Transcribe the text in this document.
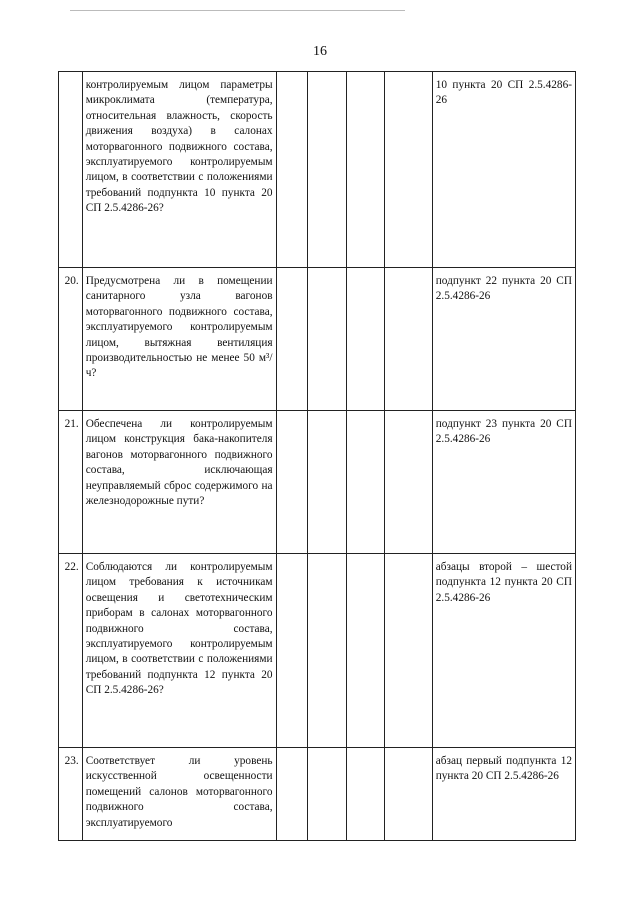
16
	контролируемым лицом параметры микроклимата (температура, относительная влажность, скорость движения воздуха) в салонах моторвагонного подвижного состава, эксплуатируемого контролируемым лицом, в соответствии с положениями требований подпункта 10 пункта 20 СП 2.5.4286-26?					10 пункта 20 СП 2.5.4286-26
20.	Предусмотрена ли в помещении санитарного узла вагонов моторвагонного подвижного состава, эксплуатируемого контролируемым лицом, вытяжная вентиляция производительностью не менее 50 м³/ч?					подпункт 22 пункта 20 СП 2.5.4286-26
21.	Обеспечена ли контролируемым лицом конструкция бака-накопителя вагонов моторвагонного подвижного состава, исключающая неуправляемый сброс содержимого на железнодорожные пути?					подпункт 23 пункта 20 СП 2.5.4286-26
22.	Соблюдаются ли контролируемым лицом требования к источникам освещения и светотехническим приборам в салонах моторвагонного подвижного состава, эксплуатируемого контролируемым лицом, в соответствии с положениями требований подпункта 12 пункта 20 СП 2.5.4286-26?					абзацы второй – шестой подпункта 12 пункта 20 СП 2.5.4286-26
23.	Соответствует ли уровень искусственной освещенности помещений салонов моторвагонного подвижного состава, эксплуатируемого					абзац первый подпункта 12 пункта 20 СП 2.5.4286-26
